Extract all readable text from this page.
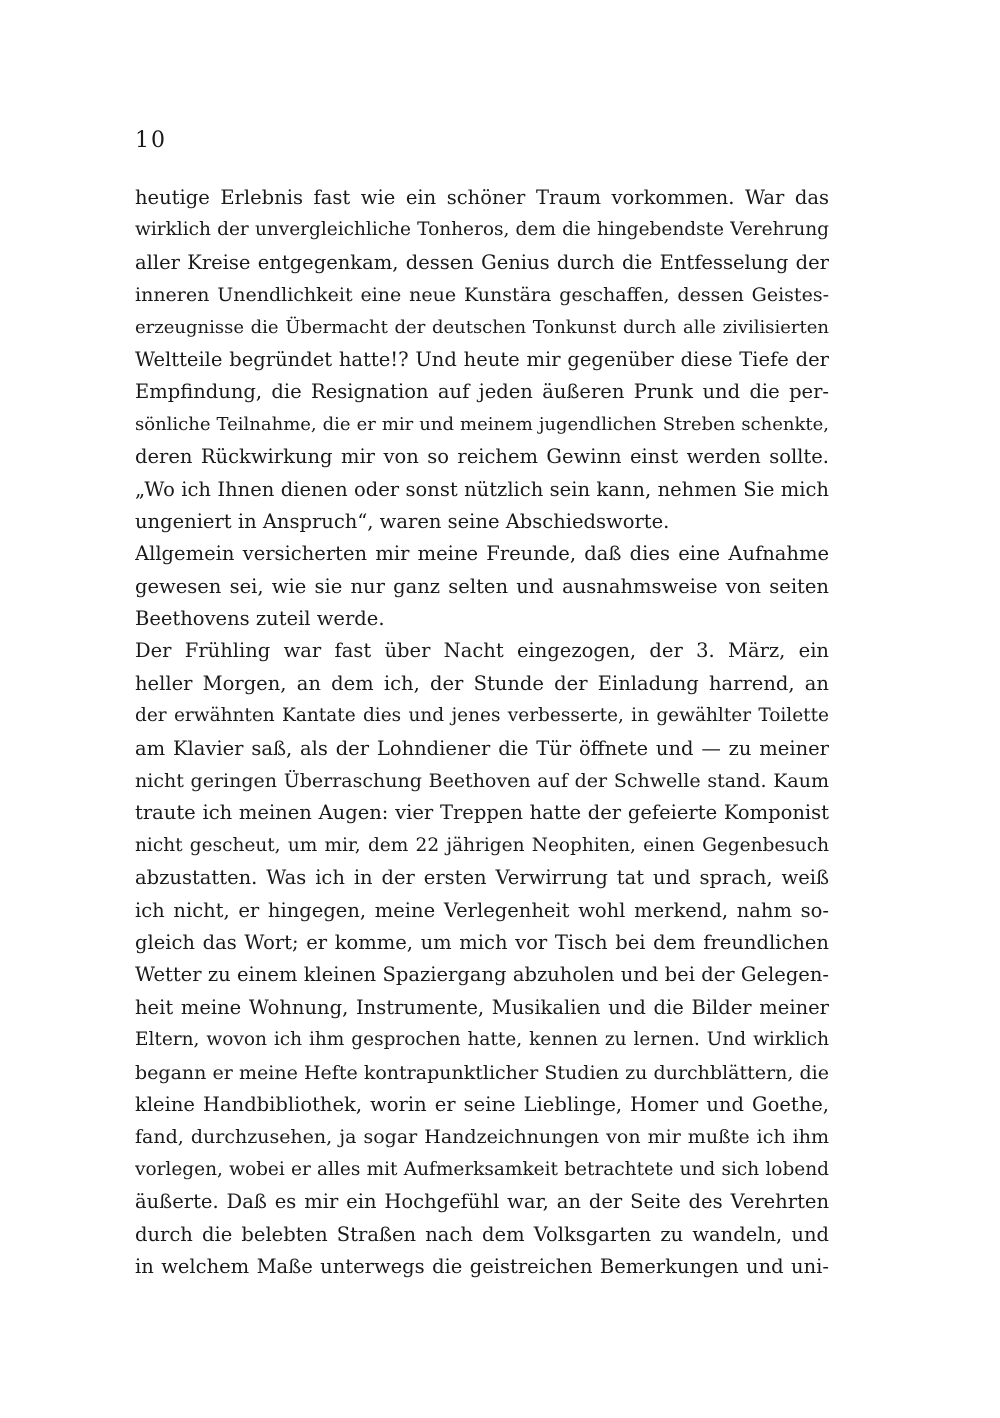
10
heutige Erlebnis fast wie ein schöner Traum vorkommen. War das
wirklich der unvergleichliche Tonheros, dem die hingebendste Verehrung
aller Kreise entgegenkam, dessen Genius durch die Entfesselung der
inneren Unendlichkeit eine neue Kunstära geschaffen, dessen Geistes-
erzeugnisse die Übermacht der deutschen Tonkunst durch alle zivilisierten
Weltteile begründet hatte!? Und heute mir gegenüber diese Tiefe der
Empfindung, die Resignation auf jeden äußeren Prunk und die per-
sönliche Teilnahme, die er mir und meinem jugendlichen Streben schenkte,
deren Rückwirkung mir von so reichem Gewinn einst werden sollte.
„Wo ich Ihnen dienen oder sonst nützlich sein kann, nehmen Sie mich
ungeniert in Anspruch“, waren seine Abschiedsworte.
Allgemein versicherten mir meine Freunde, daß dies eine Aufnahme
gewesen sei, wie sie nur ganz selten und ausnahmsweise von seiten
Beethovens zuteil werde.
Der Frühling war fast über Nacht eingezogen, der 3. März, ein
heller Morgen, an dem ich, der Stunde der Einladung harrend, an
der erwähnten Kantate dies und jenes verbesserte, in gewählter Toilette
am Klavier saß, als der Lohndiener die Tür öffnete und — zu meiner
nicht geringen Überraschung Beethoven auf der Schwelle stand. Kaum
traute ich meinen Augen: vier Treppen hatte der gefeierte Komponist
nicht gescheut, um mir, dem 22 jährigen Neophiten, einen Gegenbesuch
abzustatten. Was ich in der ersten Verwirrung tat und sprach, weiß
ich nicht, er hingegen, meine Verlegenheit wohl merkend, nahm so-
gleich das Wort; er komme, um mich vor Tisch bei dem freundlichen
Wetter zu einem kleinen Spaziergang abzuholen und bei der Gelegen-
heit meine Wohnung, Instrumente, Musikalien und die Bilder meiner
Eltern, wovon ich ihm gesprochen hatte, kennen zu lernen. Und wirklich
begann er meine Hefte kontrapunktlicher Studien zu durchblättern, die
kleine Handbibliothek, worin er seine Lieblinge, Homer und Goethe,
fand, durchzusehen, ja sogar Handzeichnungen von mir mußte ich ihm
vorlegen, wobei er alles mit Aufmerksamkeit betrachtete und sich lobend
äußerte. Daß es mir ein Hochgefühl war, an der Seite des Verehrten
durch die belebten Straßen nach dem Volksgarten zu wandeln, und
in welchem Maße unterwegs die geistreichen Bemerkungen und uni-
